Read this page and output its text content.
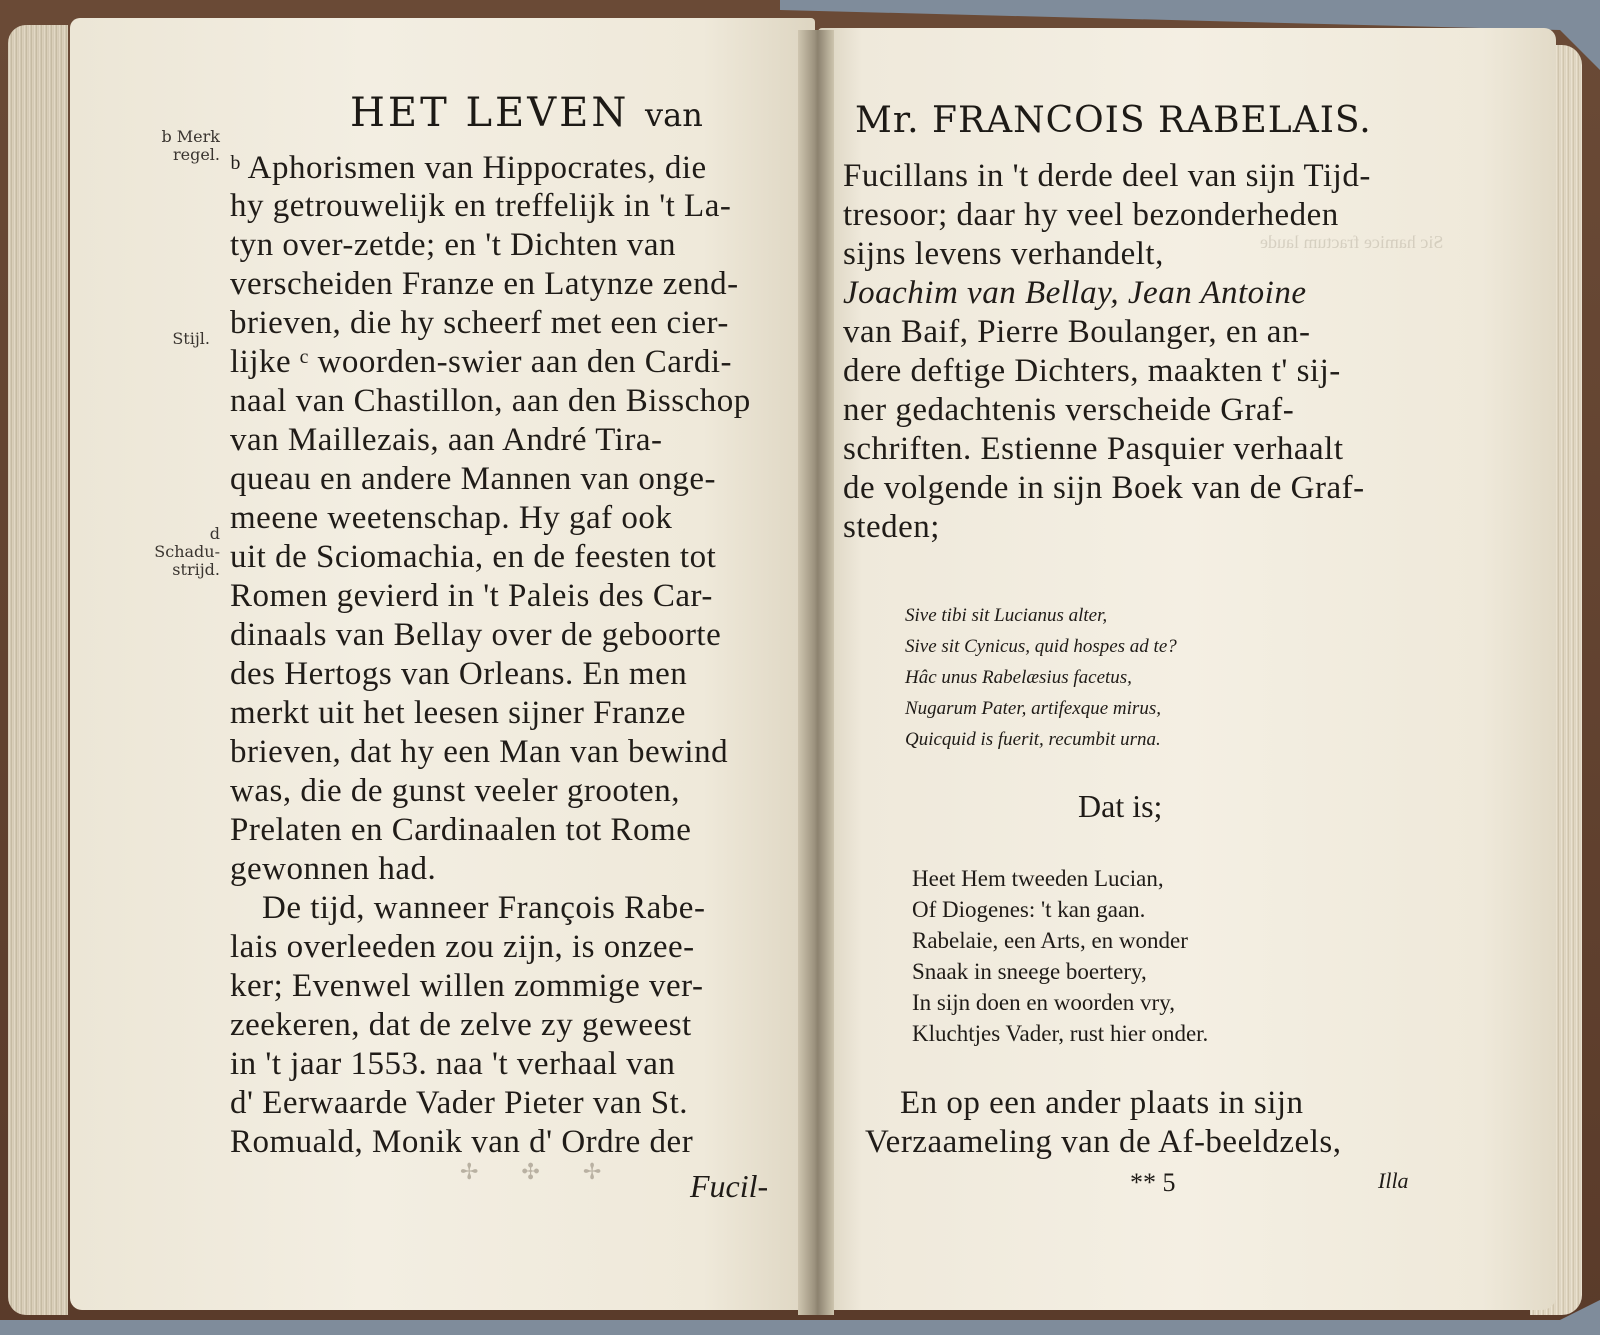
Sic hamice fractum laude
✢ ✣ ✢
HET LEVEN van	Mr. FRANCOIS RABELAIS.
b Merk
regel.
Stijl.
d Schadu-
strijd.
ᵇ Aphorismen van Hippocrates, die
hy getrouwelijk en treffelijk in 't La-
tyn over-zetde; en 't Dichten van
verscheiden Franze en Latynze zend-
brieven, die hy scheerf met een cier-
lijke ᶜ woorden-swier aan den Cardi-
naal van Chastillon, aan den Bisschop
van Maillezais, aan André Tira-
queau en andere Mannen van onge-
meene weetenschap. Hy gaf ook
uit de Sciomachia, en de feesten tot
Romen gevierd in 't Paleis des Car-
dinaals van Bellay over de geboorte
des Hertogs van Orleans. En men
merkt uit het leesen sijner Franze
brieven, dat hy een Man van bewind
was, die de gunst veeler grooten,
Prelaten en Cardinaalen tot Rome
gewonnen had.
De tijd, wanneer François Rabe-
lais overleeden zou zijn, is onzee-
ker; Evenwel willen zommige ver-
zeekeren, dat de zelve zy geweest
in 't jaar 1553. naa 't verhaal van
d' Eerwaarde Vader Pieter van St.
Romuald, Monik van d' Ordre der
Fucil-
Fucillans in 't derde deel van sijn Tijd-
tresoor; daar hy veel bezonderheden
sijns levens verhandelt,
Joachim van Bellay, Jean Antoine
van Baif, Pierre Boulanger, en an-
dere deftige Dichters, maakten t' sij-
ner gedachtenis verscheide Graf-
schriften. Estienne Pasquier verhaalt
de volgende in sijn Boek van de Graf-
steden;
Sive tibi sit Lucianus alter,
Sive sit Cynicus, quid hospes ad te?
Hâc unus Rabelæsius facetus,
Nugarum Pater, artifexque mirus,
Quicquid is fuerit, recumbit urna.
Dat is;
Heet Hem tweeden Lucian,
Of Diogenes: 't kan gaan.
Rabelaie, een Arts, en wonder
Snaak in sneege boertery,
In sijn doen en woorden vry,
Kluchtjes Vader, rust hier onder.
En op een ander plaats in sijn
Verzaameling van de Af-beeldzels,
** 5	Illa
